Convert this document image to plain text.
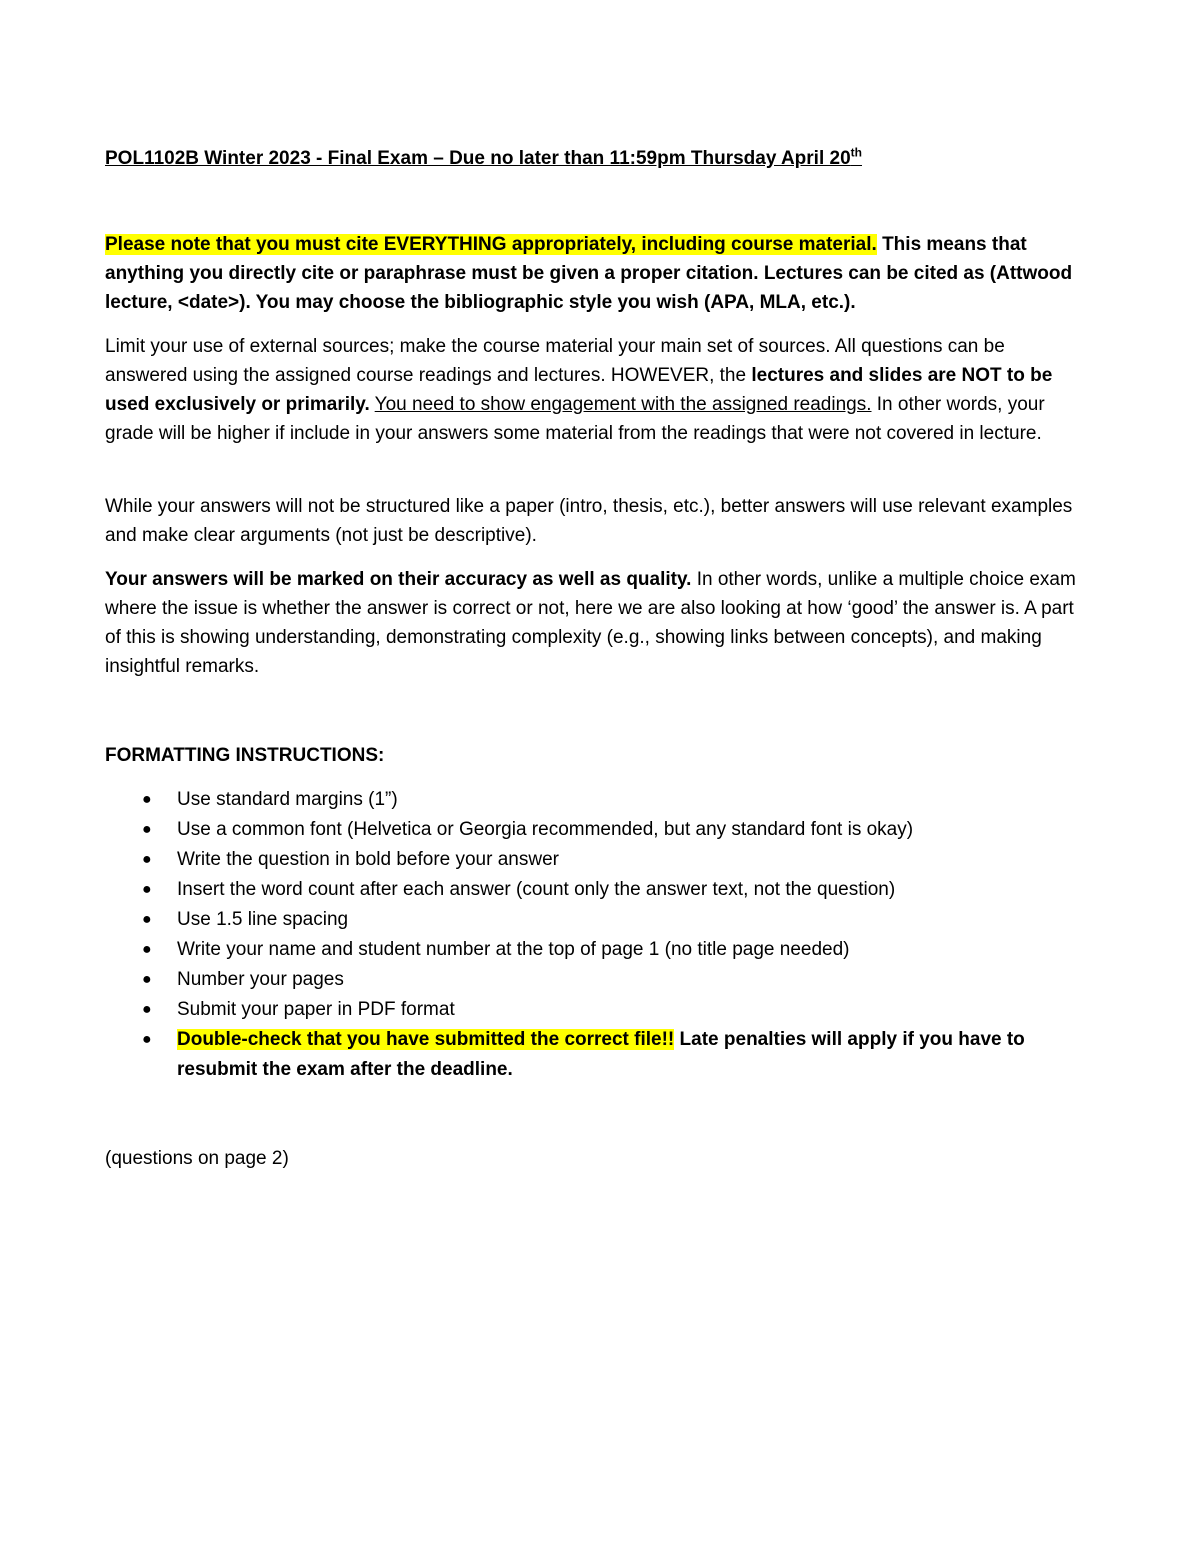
POL1102B Winter 2023 - Final Exam – Due no later than 11:59pm Thursday April 20th

Please note that you must cite EVERYTHING appropriately, including course material. This means that anything you directly cite or paraphrase must be given a proper citation. Lectures can be cited as (Attwood lecture, <date>). You may choose the bibliographic style you wish (APA, MLA, etc.).

Limit your use of external sources; make the course material your main set of sources. All questions can be answered using the assigned course readings and lectures. HOWEVER, the lectures and slides are NOT to be used exclusively or primarily. You need to show engagement with the assigned readings. In other words, your grade will be higher if include in your answers some material from the readings that were not covered in lecture.

While your answers will not be structured like a paper (intro, thesis, etc.), better answers will use relevant examples and make clear arguments (not just be descriptive).

Your answers will be marked on their accuracy as well as quality. In other words, unlike a multiple choice exam where the issue is whether the answer is correct or not, here we are also looking at how ‘good’ the answer is. A part of this is showing understanding, demonstrating complexity (e.g., showing links between concepts), and making insightful remarks.

FORMATTING INSTRUCTIONS:
● Use standard margins (1”)
● Use a common font (Helvetica or Georgia recommended, but any standard font is okay)
● Write the question in bold before your answer
● Insert the word count after each answer (count only the answer text, not the question)
● Use 1.5 line spacing
● Write your name and student number at the top of page 1 (no title page needed)
● Number your pages
● Submit your paper in PDF format
● Double-check that you have submitted the correct file!! Late penalties will apply if you have to resubmit the exam after the deadline.
(questions on page 2)
